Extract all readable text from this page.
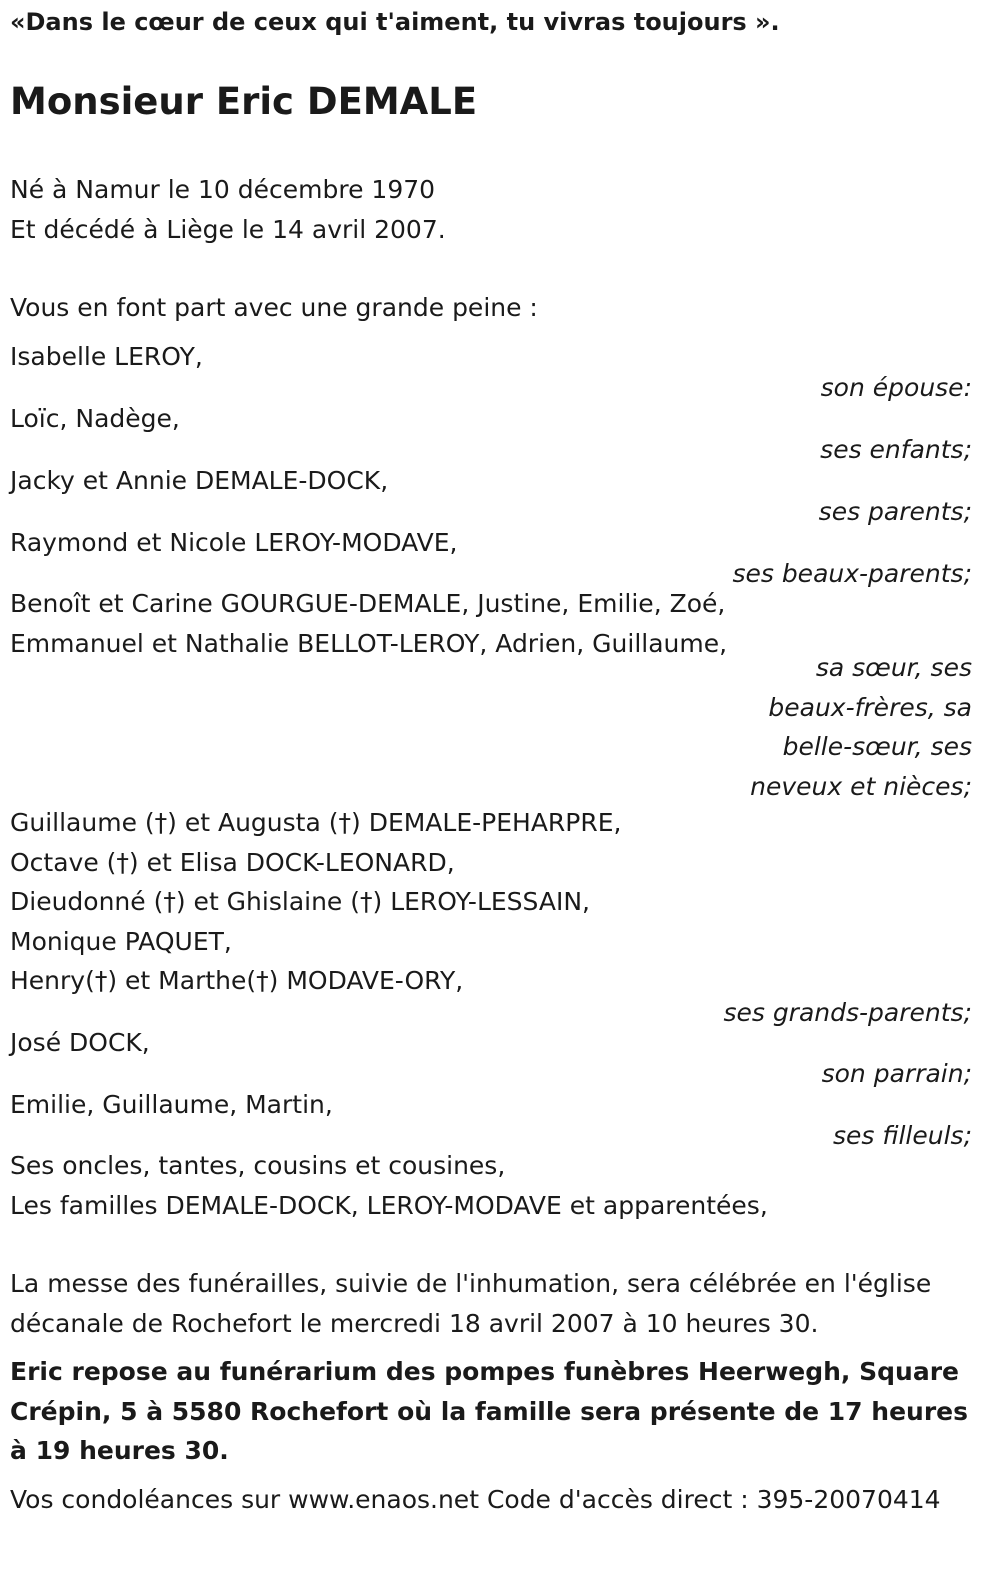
«Dans le cœur de ceux qui t'aiment, tu vivras toujours ».
Monsieur Eric DEMALE
Né à Namur le 10 décembre 1970
Et décédé à Liège le 14 avril 2007.
Vous en font part avec une grande peine :
Isabelle LEROY,
son épouse:
Loïc, Nadège,
ses enfants;
Jacky et Annie DEMALE-DOCK,
ses parents;
Raymond et Nicole LEROY-MODAVE,
ses beaux-parents;
Benoît et Carine GOURGUE-DEMALE, Justine, Emilie, Zoé,
Emmanuel et Nathalie BELLOT-LEROY, Adrien, Guillaume,
sa sœur, ses beaux-frères, sa belle-sœur, ses neveux et nièces;
Guillaume (†) et Augusta (†) DEMALE-PEHARPRE,
Octave (†) et Elisa DOCK-LEONARD,
Dieudonné (†) et Ghislaine (†) LEROY-LESSAIN,
Monique PAQUET,
Henry(†) et Marthe(†) MODAVE-ORY,
ses grands-parents;
José DOCK,
son parrain;
Emilie, Guillaume, Martin,
ses filleuls;
Ses oncles, tantes, cousins et cousines,
Les familles DEMALE-DOCK, LEROY-MODAVE et apparentées,
La messe des funérailles, suivie de l'inhumation, sera célébrée en l'église décanale de Rochefort le mercredi 18 avril 2007 à 10 heures 30.
Eric repose au funérarium des pompes funèbres Heerwegh, Square Crépin, 5 à 5580 Rochefort où la famille sera présente de 17 heures à 19 heures 30.
Vos condoléances sur www.enaos.net Code d'accès direct : 395-20070414
